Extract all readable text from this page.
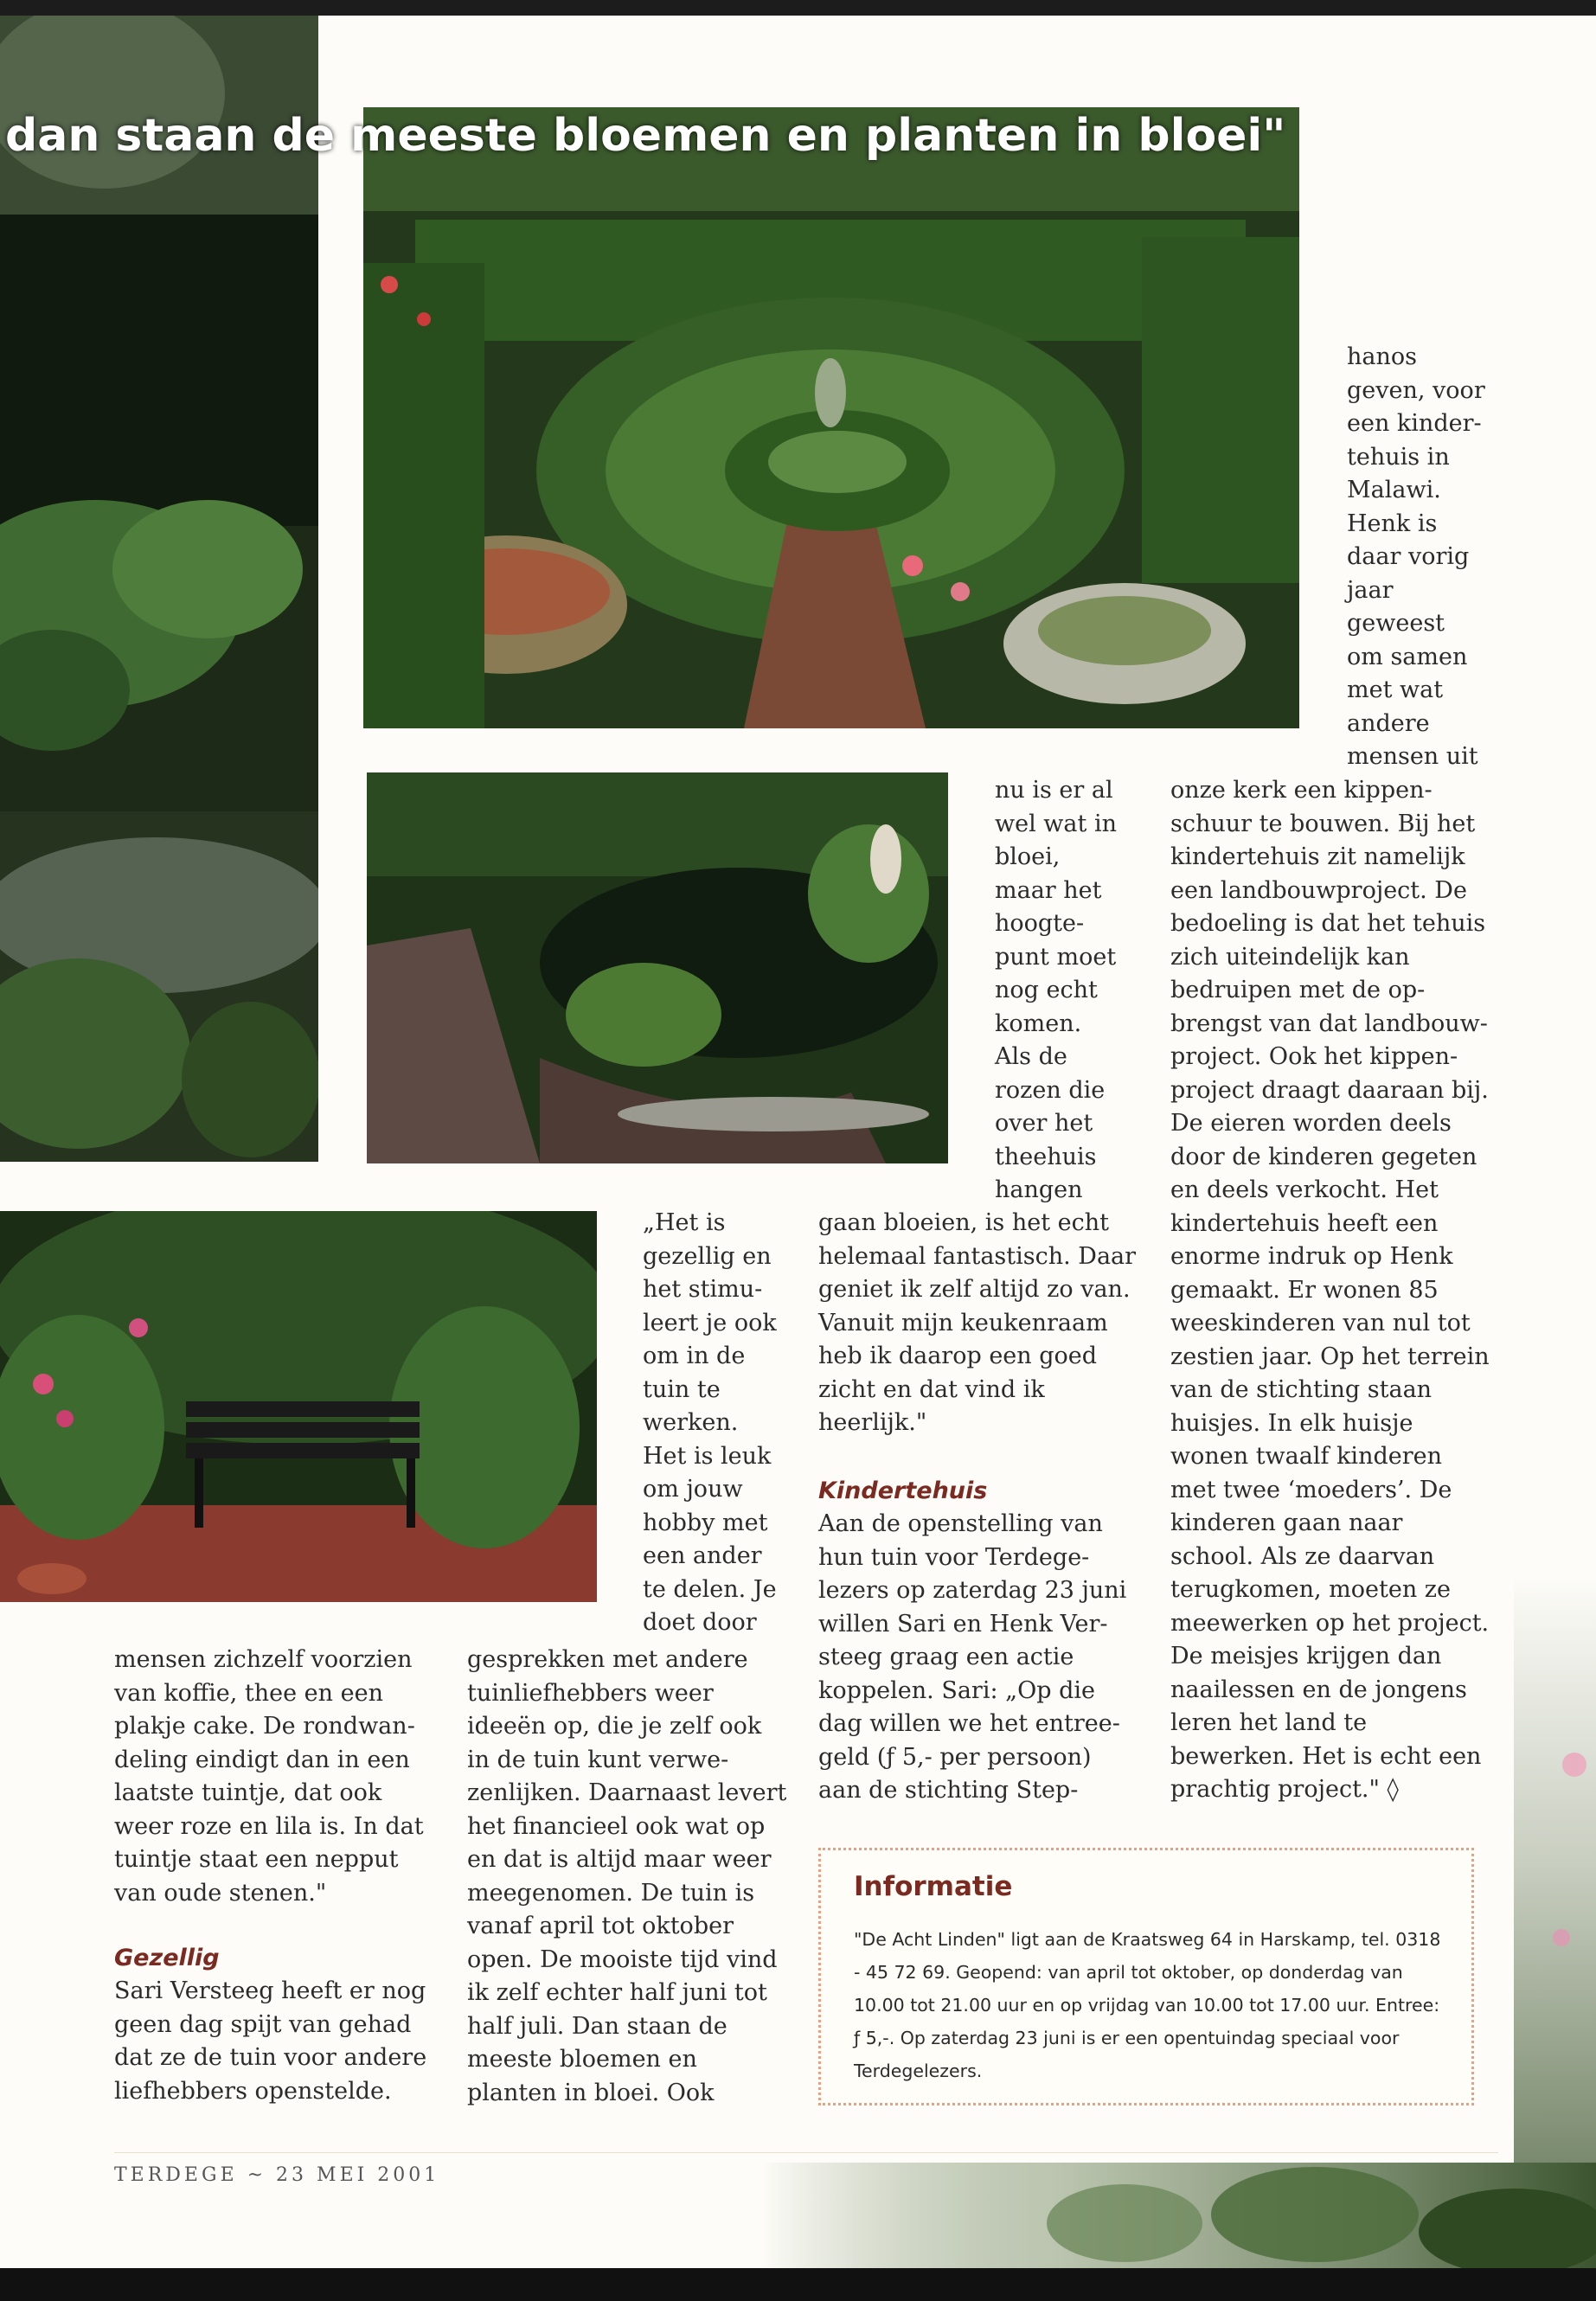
dan staan de meeste bloemen en planten in bloei"

hanos geven, voor een kindertehuis in Malawi. Henk is daar vorig jaar geweest om samen met wat andere mensen uit

nu is er al wel wat in bloei, maar het hoogtepunt moet nog echt komen. Als de rozen die over het theehuis hangen

onze kerk een kippenschuur te bouwen. Bij het kindertehuis zit namelijk een landbouwproject. De bedoeling is dat het tehuis zich uiteindelijk kan bedruipen met de opbrengst van dat landbouwproject. Ook het kippenproject draagt daaraan bij. De eieren worden deels door de kinderen gegeten en deels verkocht. Het kindertehuis heeft een enorme indruk op Henk gemaakt. Er wonen 85 weeskinderen van nul tot zestien jaar. Op het terrein van de stichting staan huisjes. In elk huisje wonen twaalf kinderen met twee ‘moeders’. De kinderen gaan naar school. Als ze daarvan terugkomen, moeten ze meewerken op het project. De meisjes krijgen dan naailessen en de jongens leren het land te bewerken. Het is echt een prachtig project." ◊

„Het is gezellig en het stimuleert je ook om in de tuin te werken. Het is leuk om jouw hobby met een ander te delen. Je doet door

gaan bloeien, is het echt helemaal fantastisch. Daar geniet ik zelf altijd zo van. Vanuit mijn keukenraam heb ik daarop een goed zicht en dat vind ik heerlijk."

Kindertehuis

Aan de openstelling van hun tuin voor Terdegelezers op zaterdag 23 juni willen Sari en Henk Versteeg graag een actie koppelen. Sari: „Op die dag willen we het entreegeld (ƒ 5,- per persoon) aan de stichting Step-

mensen zichzelf voorzien van koffie, thee en een plakje cake. De rondwandeling eindigt dan in een laatste tuintje, dat ook weer roze en lila is. In dat tuintje staat een nepput van oude stenen."

Gezellig

Sari Versteeg heeft er nog geen dag spijt van gehad dat ze de tuin voor andere liefhebbers openstelde.

gesprekken met andere tuinliefhebbers weer ideeën op, die je zelf ook in de tuin kunt verwezenlijken. Daarnaast levert het financieel ook wat op en dat is altijd maar weer meegenomen. De tuin is vanaf april tot oktober open. De mooiste tijd vind ik zelf echter half juni tot half juli. Dan staan de meeste bloemen en planten in bloei. Ook

Informatie
"De Acht Linden" ligt aan de Kraatsweg 64 in Harskamp, tel. 0318 - 45 72 69. Geopend: van april tot oktober, op donderdag van 10.00 tot 21.00 uur en op vrijdag van 10.00 tot 17.00 uur. Entree: ƒ 5,-. Op zaterdag 23 juni is er een opentuindag speciaal voor Terdegelezers.
TERDEGE ~ 23 MEI 2001
